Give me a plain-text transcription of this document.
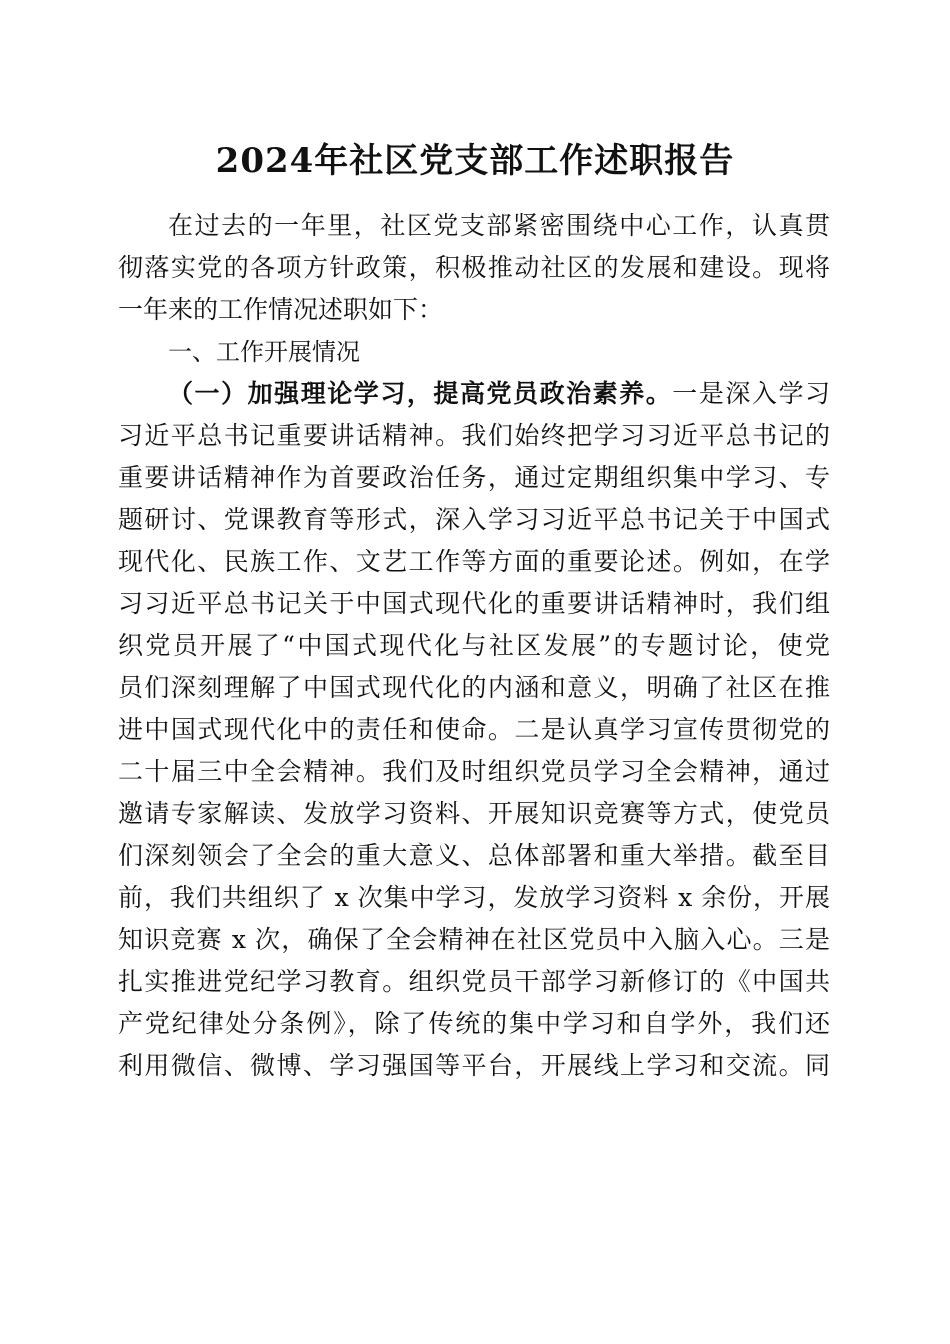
2024年社区党支部工作述职报告
在过去的一年里，社区党支部紧密围绕中心工作，认真贯
彻落实党的各项方针政策，积极推动社区的发展和建设。现将
一年来的工作情况述职如下：
一、工作开展情况
（一）加强理论学习，提高党员政治素养。一是深入学习
习近平总书记重要讲话精神。我们始终把学习习近平总书记的
重要讲话精神作为首要政治任务，通过定期组织集中学习、专
题研讨、党课教育等形式，深入学习习近平总书记关于中国式
现代化、民族工作、文艺工作等方面的重要论述。例如，在学
习习近平总书记关于中国式现代化的重要讲话精神时，我们组
织党员开展了“中国式现代化与社区发展”的专题讨论，使党
员们深刻理解了中国式现代化的内涵和意义，明确了社区在推
进中国式现代化中的责任和使命。二是认真学习宣传贯彻党的
二十届三中全会精神。我们及时组织党员学习全会精神，通过
邀请专家解读、发放学习资料、开展知识竞赛等方式，使党员
们深刻领会了全会的重大意义、总体部署和重大举措。截至目
前，我们共组织了 x 次集中学习，发放学习资料 x 余份，开展
知识竞赛 x 次，确保了全会精神在社区党员中入脑入心。三是
扎实推进党纪学习教育。组织党员干部学习新修订的《中国共
产党纪律处分条例》，除了传统的集中学习和自学外，我们还
利用微信、微博、学习强国等平台，开展线上学习和交流。同
